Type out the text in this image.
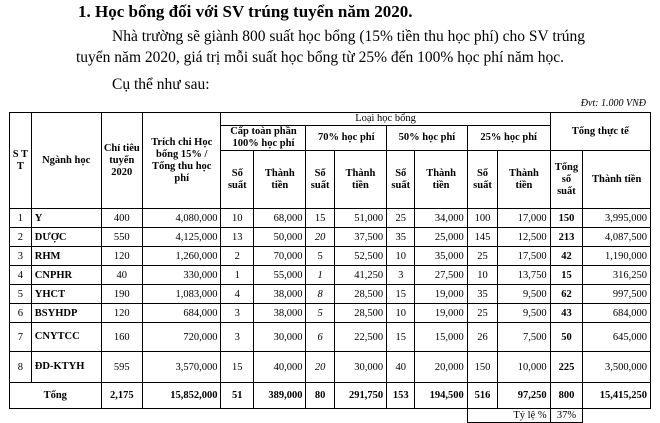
1. Học bổng đối với SV trúng tuyển năm 2020.
Nhà trường sẽ giành 800 suất học bổng (15% tiền thu học phí) cho SV trúng
tuyển năm 2020, giá trị mỗi suất học bổng từ 25% đến 100% học phí năm học.
Cụ thể như sau:
Đvt: 1.000 VNĐ
S T T	Ngành học	Chỉ tiêu tuyển 2020	Trích chi Học bổng 15% / Tổng thu học phí	Loại học bổng								Tổng thực tế	
				Cấp toàn phần 100% học phí		70% học phí		50% học phí		25% học phí			
				Số suất	Thành tiền	Số suất	Thành tiền	Số suất	Thành tiền	Số suất	Thành tiền	Tổng số suất	Thành tiền
1	Y	400	4,080,000	10	68,000	15	51,000	25	34,000	100	17,000	150	3,995,000
2	DƯỢC	550	4,125,000	13	50,000	20	37,500	35	25,000	145	12,500	213	4,087,500
3	RHM	120	1,260,000	2	70,000	5	52,500	10	35,000	25	17,500	42	1,190,000
4	CNPHR	40	330,000	1	55,000	1	41,250	3	27,500	10	13,750	15	316,250
5	YHCT	190	1,083,000	4	38,000	8	28,500	15	19,000	35	9,500	62	997,500
6	BSYHDP	120	684,000	3	38,000	5	28,500	10	19,000	25	9,500	43	684,000
7	CNYTCC	160	720,000	3	30,000	6	22,500	15	15,000	26	7,500	50	645,000
8	ĐD-KTYH	595	3,570,000	15	40,000	20	30,000	40	20,000	150	10,000	225	3,500,000
Tổng		2,175	15,852,000	51	389,000	80	291,750	153	194,500	516	97,250	800	15,415,250
										Tỷ lệ %		37%	
